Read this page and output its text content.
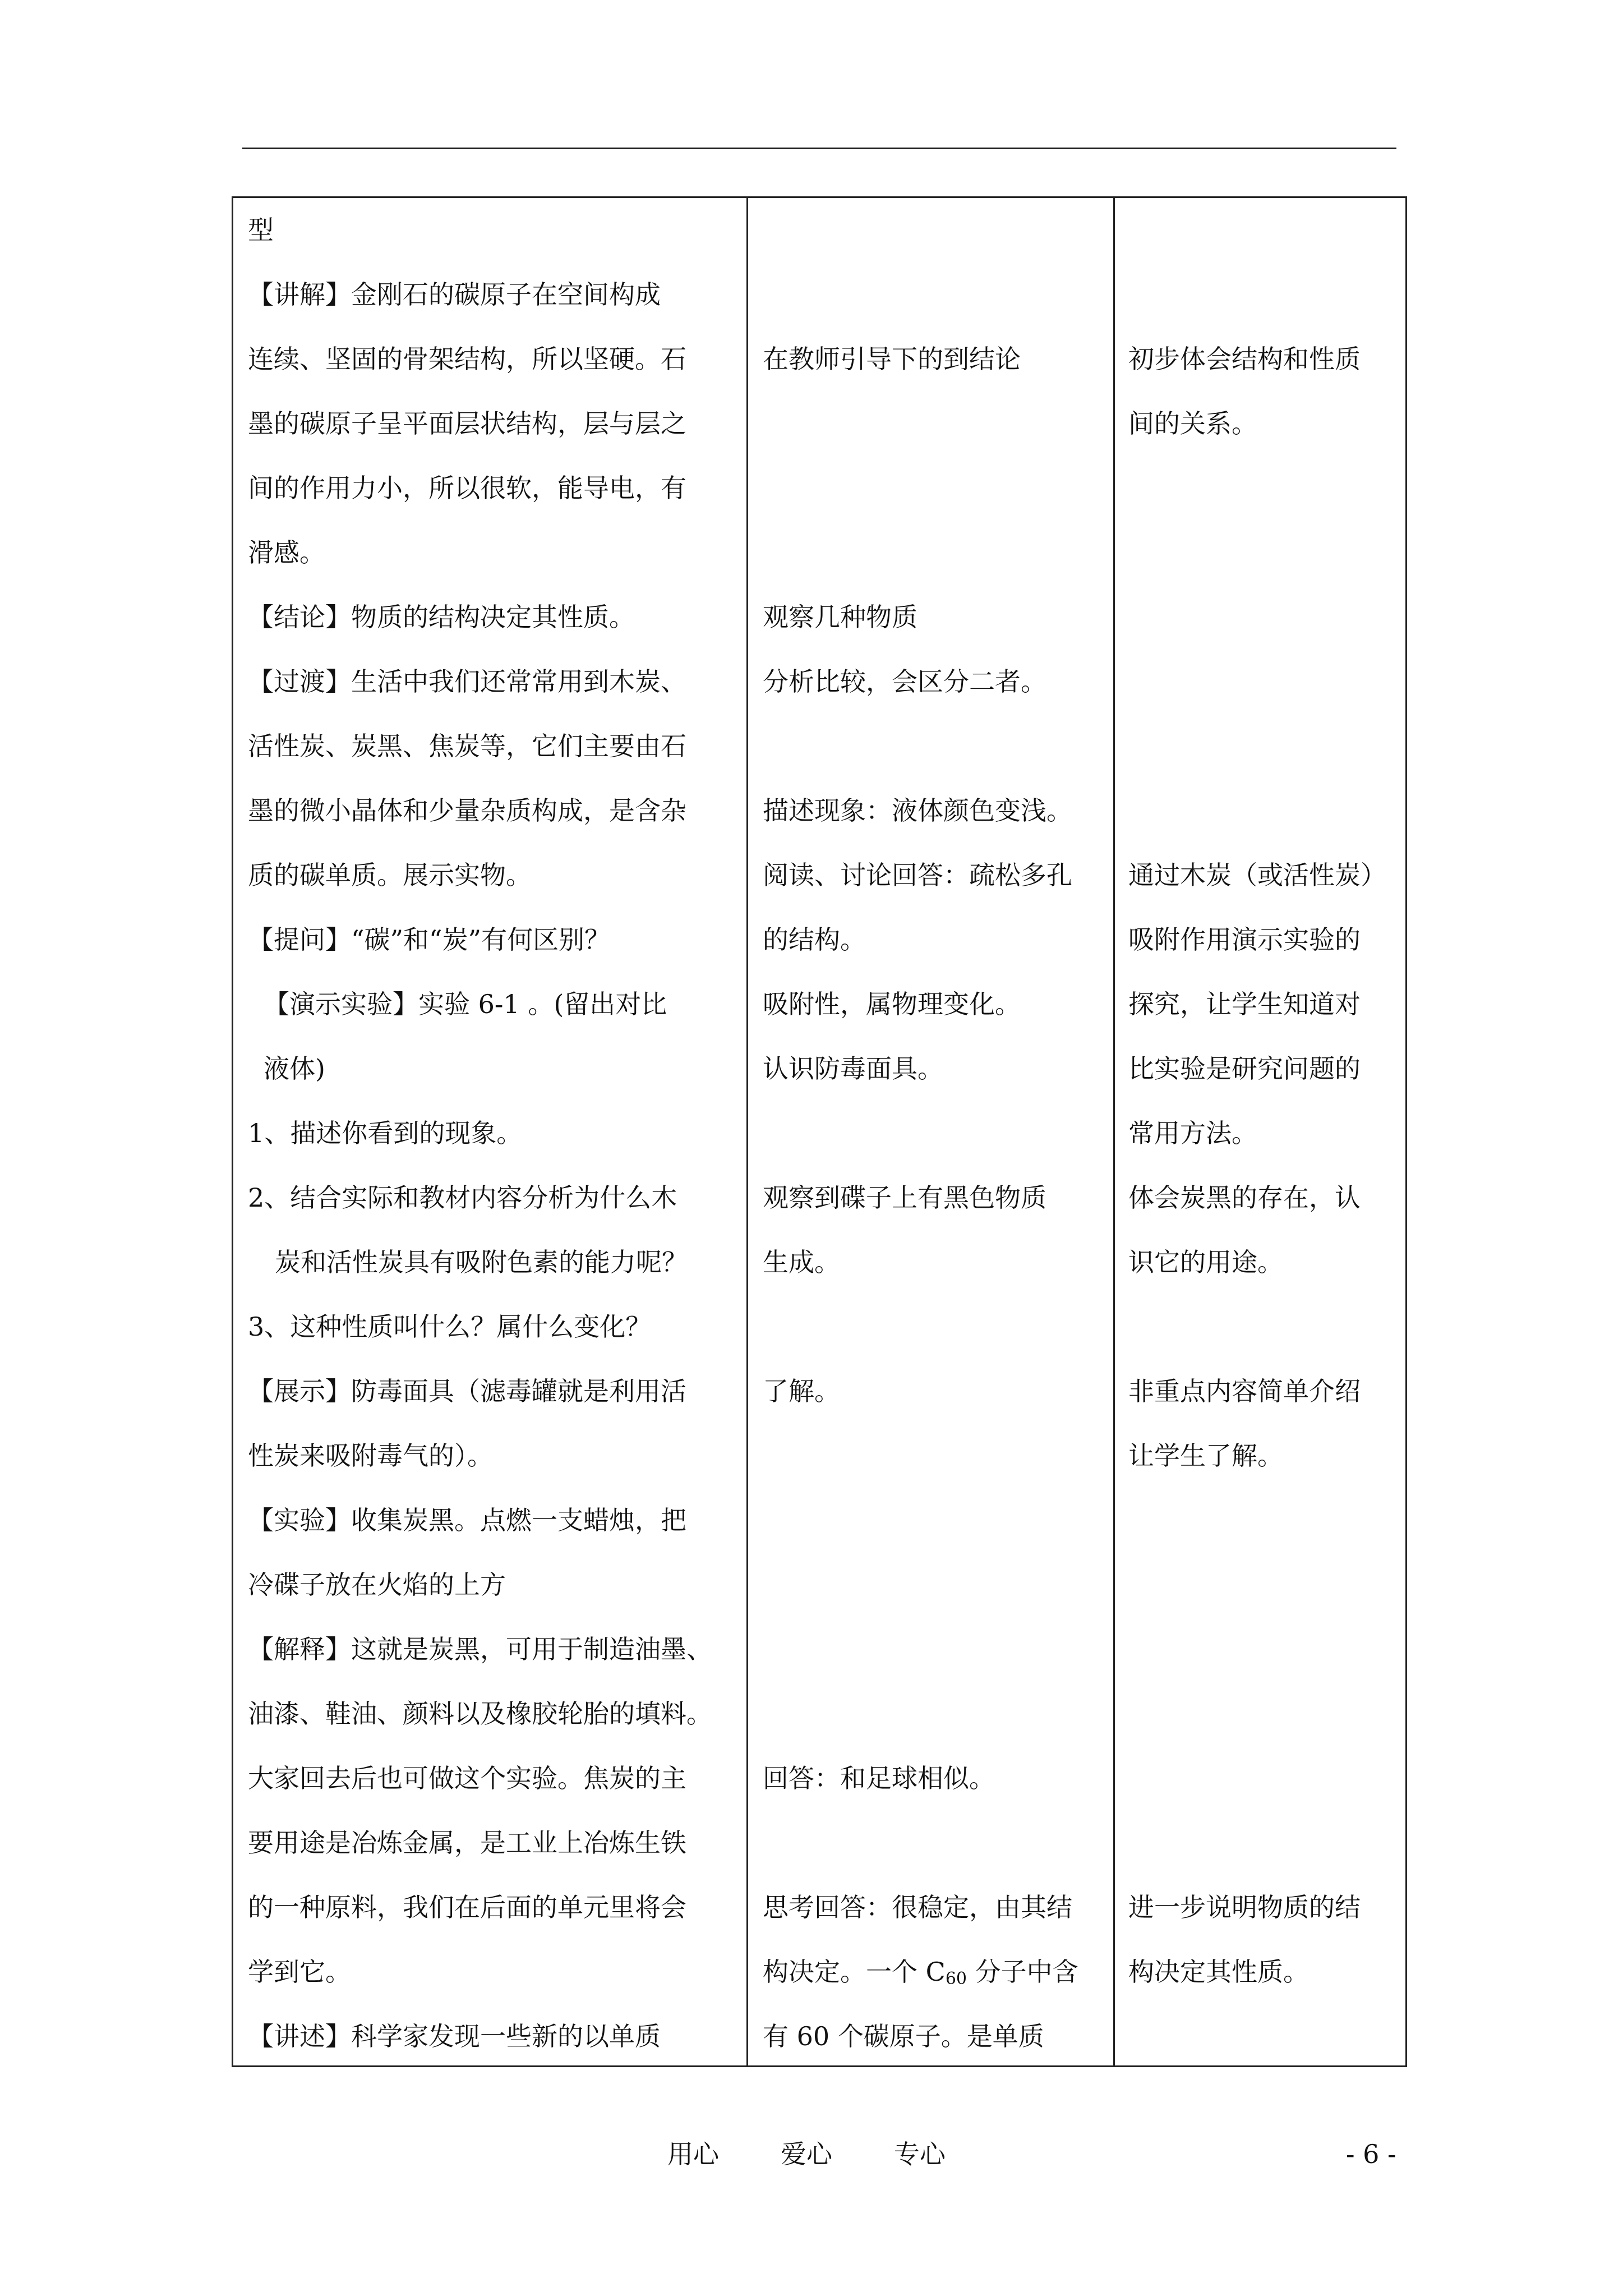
型
【讲解】金刚石的碳原子在空间构成
连续、坚固的骨架结构，所以坚硬。石
墨的碳原子呈平面层状结构，层与层之
间的作用力小，所以很软，能导电，有
滑感。
【结论】物质的结构决定其性质。
【过渡】生活中我们还常常用到木炭、
活性炭、炭黑、焦炭等，它们主要由石
墨的微小晶体和少量杂质构成，是含杂
质的碳单质。展示实物。
【提问】“碳”和“炭”有何区别？
【演示实验】实验 6-1 。(留出对比
液体)
1、描述你看到的现象。
2、结合实际和教材内容分析为什么木
炭和活性炭具有吸附色素的能力呢？
3、这种性质叫什么？属什么变化？
【展示】防毒面具（滤毒罐就是利用活
性炭来吸附毒气的）。
【实验】收集炭黑。点燃一支蜡烛，把
冷碟子放在火焰的上方
【解释】这就是炭黑，可用于制造油墨、
油漆、鞋油、颜料以及橡胶轮胎的填料。
大家回去后也可做这个实验。焦炭的主
要用途是冶炼金属，是工业上冶炼生铁
的一种原料，我们在后面的单元里将会
学到它。
【讲述】科学家发现一些新的以单质
在教师引导下的到结论
观察几种物质
分析比较，会区分二者。
描述现象：液体颜色变浅。
阅读、讨论回答：疏松多孔
的结构。
吸附性，属物理变化。
认识防毒面具。
观察到碟子上有黑色物质
生成。
了解。
回答：和足球相似。
思考回答：很稳定，由其结
构决定。一个 $C_{60}$ 分子中含
有 60 个碳原子。是单质
初步体会结构和性质
间的关系。
通过木炭（或活性炭）
吸附作用演示实验的
探究，让学生知道对
比实验是研究问题的
常用方法。
体会炭黑的存在，认
识它的用途。
非重点内容简单介绍
让学生了解。
进一步说明物质的结
构决定其性质。
用心 爱心 专心	- 6 -
